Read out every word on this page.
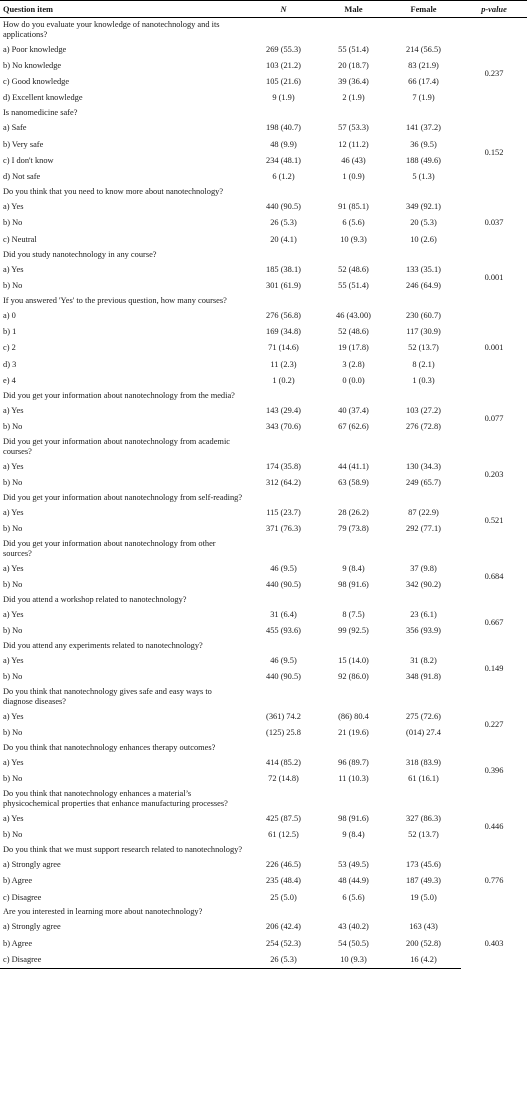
Question item	N	Male	Female	p-value
How do you evaluate your knowledge of nanotechnology and its applications?				
a) Poor knowledge	269 (55.3)	55 (51.4)	214 (56.5)	0.237
b) No knowledge	103 (21.2)	20 (18.7)	83 (21.9)	
c) Good knowledge	105 (21.6)	39 (36.4)	66 (17.4)	
d) Excellent knowledge	9 (1.9)	2 (1.9)	7 (1.9)	
Is nanomedicine safe?				
a) Safe	198 (40.7)	57 (53.3)	141 (37.2)	0.152
b) Very safe	48 (9.9)	12 (11.2)	36 (9.5)	
c) I don't know	234 (48.1)	46 (43)	188 (49.6)	
d) Not safe	6 (1.2)	1 (0.9)	5 (1.3)	
Do you think that you need to know more about nanotechnology?				
a) Yes	440 (90.5)	91 (85.1)	349 (92.1)	0.037
b) No	26 (5.3)	6 (5.6)	20 (5.3)	
c) Neutral	20 (4.1)	10 (9.3)	10 (2.6)	
Did you study nanotechnology in any course?				
a) Yes	185 (38.1)	52 (48.6)	133 (35.1)	0.001
b) No	301 (61.9)	55 (51.4)	246 (64.9)	
If you answered 'Yes' to the previous question, how many courses?				
a) 0	276 (56.8)	46 (43.00)	230 (60.7)	0.001
b) 1	169 (34.8)	52 (48.6)	117 (30.9)	
c) 2	71 (14.6)	19 (17.8)	52 (13.7)	
d) 3	11 (2.3)	3 (2.8)	8 (2.1)	
e) 4	1 (0.2)	0 (0.0)	1 (0.3)	
Did you get your information about nanotechnology from the media?				
a) Yes	143 (29.4)	40 (37.4)	103 (27.2)	0.077
b) No	343 (70.6)	67 (62.6)	276 (72.8)	
Did you get your information about nanotechnology from academic courses?				
a) Yes	174 (35.8)	44 (41.1)	130 (34.3)	0.203
b) No	312 (64.2)	63 (58.9)	249 (65.7)	
Did you get your information about nanotechnology from self-reading?				
a) Yes	115 (23.7)	28 (26.2)	87 (22.9)	0.521
b) No	371 (76.3)	79 (73.8)	292 (77.1)	
Did you get your information about nanotechnology from other sources?				
a) Yes	46 (9.5)	9 (8.4)	37 (9.8)	0.684
b) No	440 (90.5)	98 (91.6)	342 (90.2)	
Did you attend a workshop related to nanotechnology?				
a) Yes	31 (6.4)	8 (7.5)	23 (6.1)	0.667
b) No	455 (93.6)	99 (92.5)	356 (93.9)	
Did you attend any experiments related to nanotechnology?				
a) Yes	46 (9.5)	15 (14.0)	31 (8.2)	0.149
b) No	440 (90.5)	92 (86.0)	348 (91.8)	
Do you think that nanotechnology gives safe and easy ways to diagnose diseases?				
a) Yes	(361) 74.2	(86) 80.4	275 (72.6)	0.227
b) No	(125) 25.8	21 (19.6)	(014) 27.4	
Do you think that nanotechnology enhances therapy outcomes?				
a) Yes	414 (85.2)	96 (89.7)	318 (83.9)	0.396
b) No	72 (14.8)	11 (10.3)	61 (16.1)	
Do you think that nanotechnology enhances a material’s physicochemical properties that enhance manufacturing processes?				
a) Yes	425 (87.5)	98 (91.6)	327 (86.3)	0.446
b) No	61 (12.5)	9 (8.4)	52 (13.7)	
Do you think that we must support research related to nanotechnology?				
a) Strongly agree	226 (46.5)	53 (49.5)	173 (45.6)	0.776
b) Agree	235 (48.4)	48 (44.9)	187 (49.3)	
c) Disagree	25 (5.0)	6 (5.6)	19 (5.0)	
Are you interested in learning more about nanotechnology?				
a) Strongly agree	206 (42.4)	43 (40.2)	163 (43)	0.403
b) Agree	254 (52.3)	54 (50.5)	200 (52.8)	
c) Disagree	26 (5.3)	10 (9.3)	16 (4.2)	
